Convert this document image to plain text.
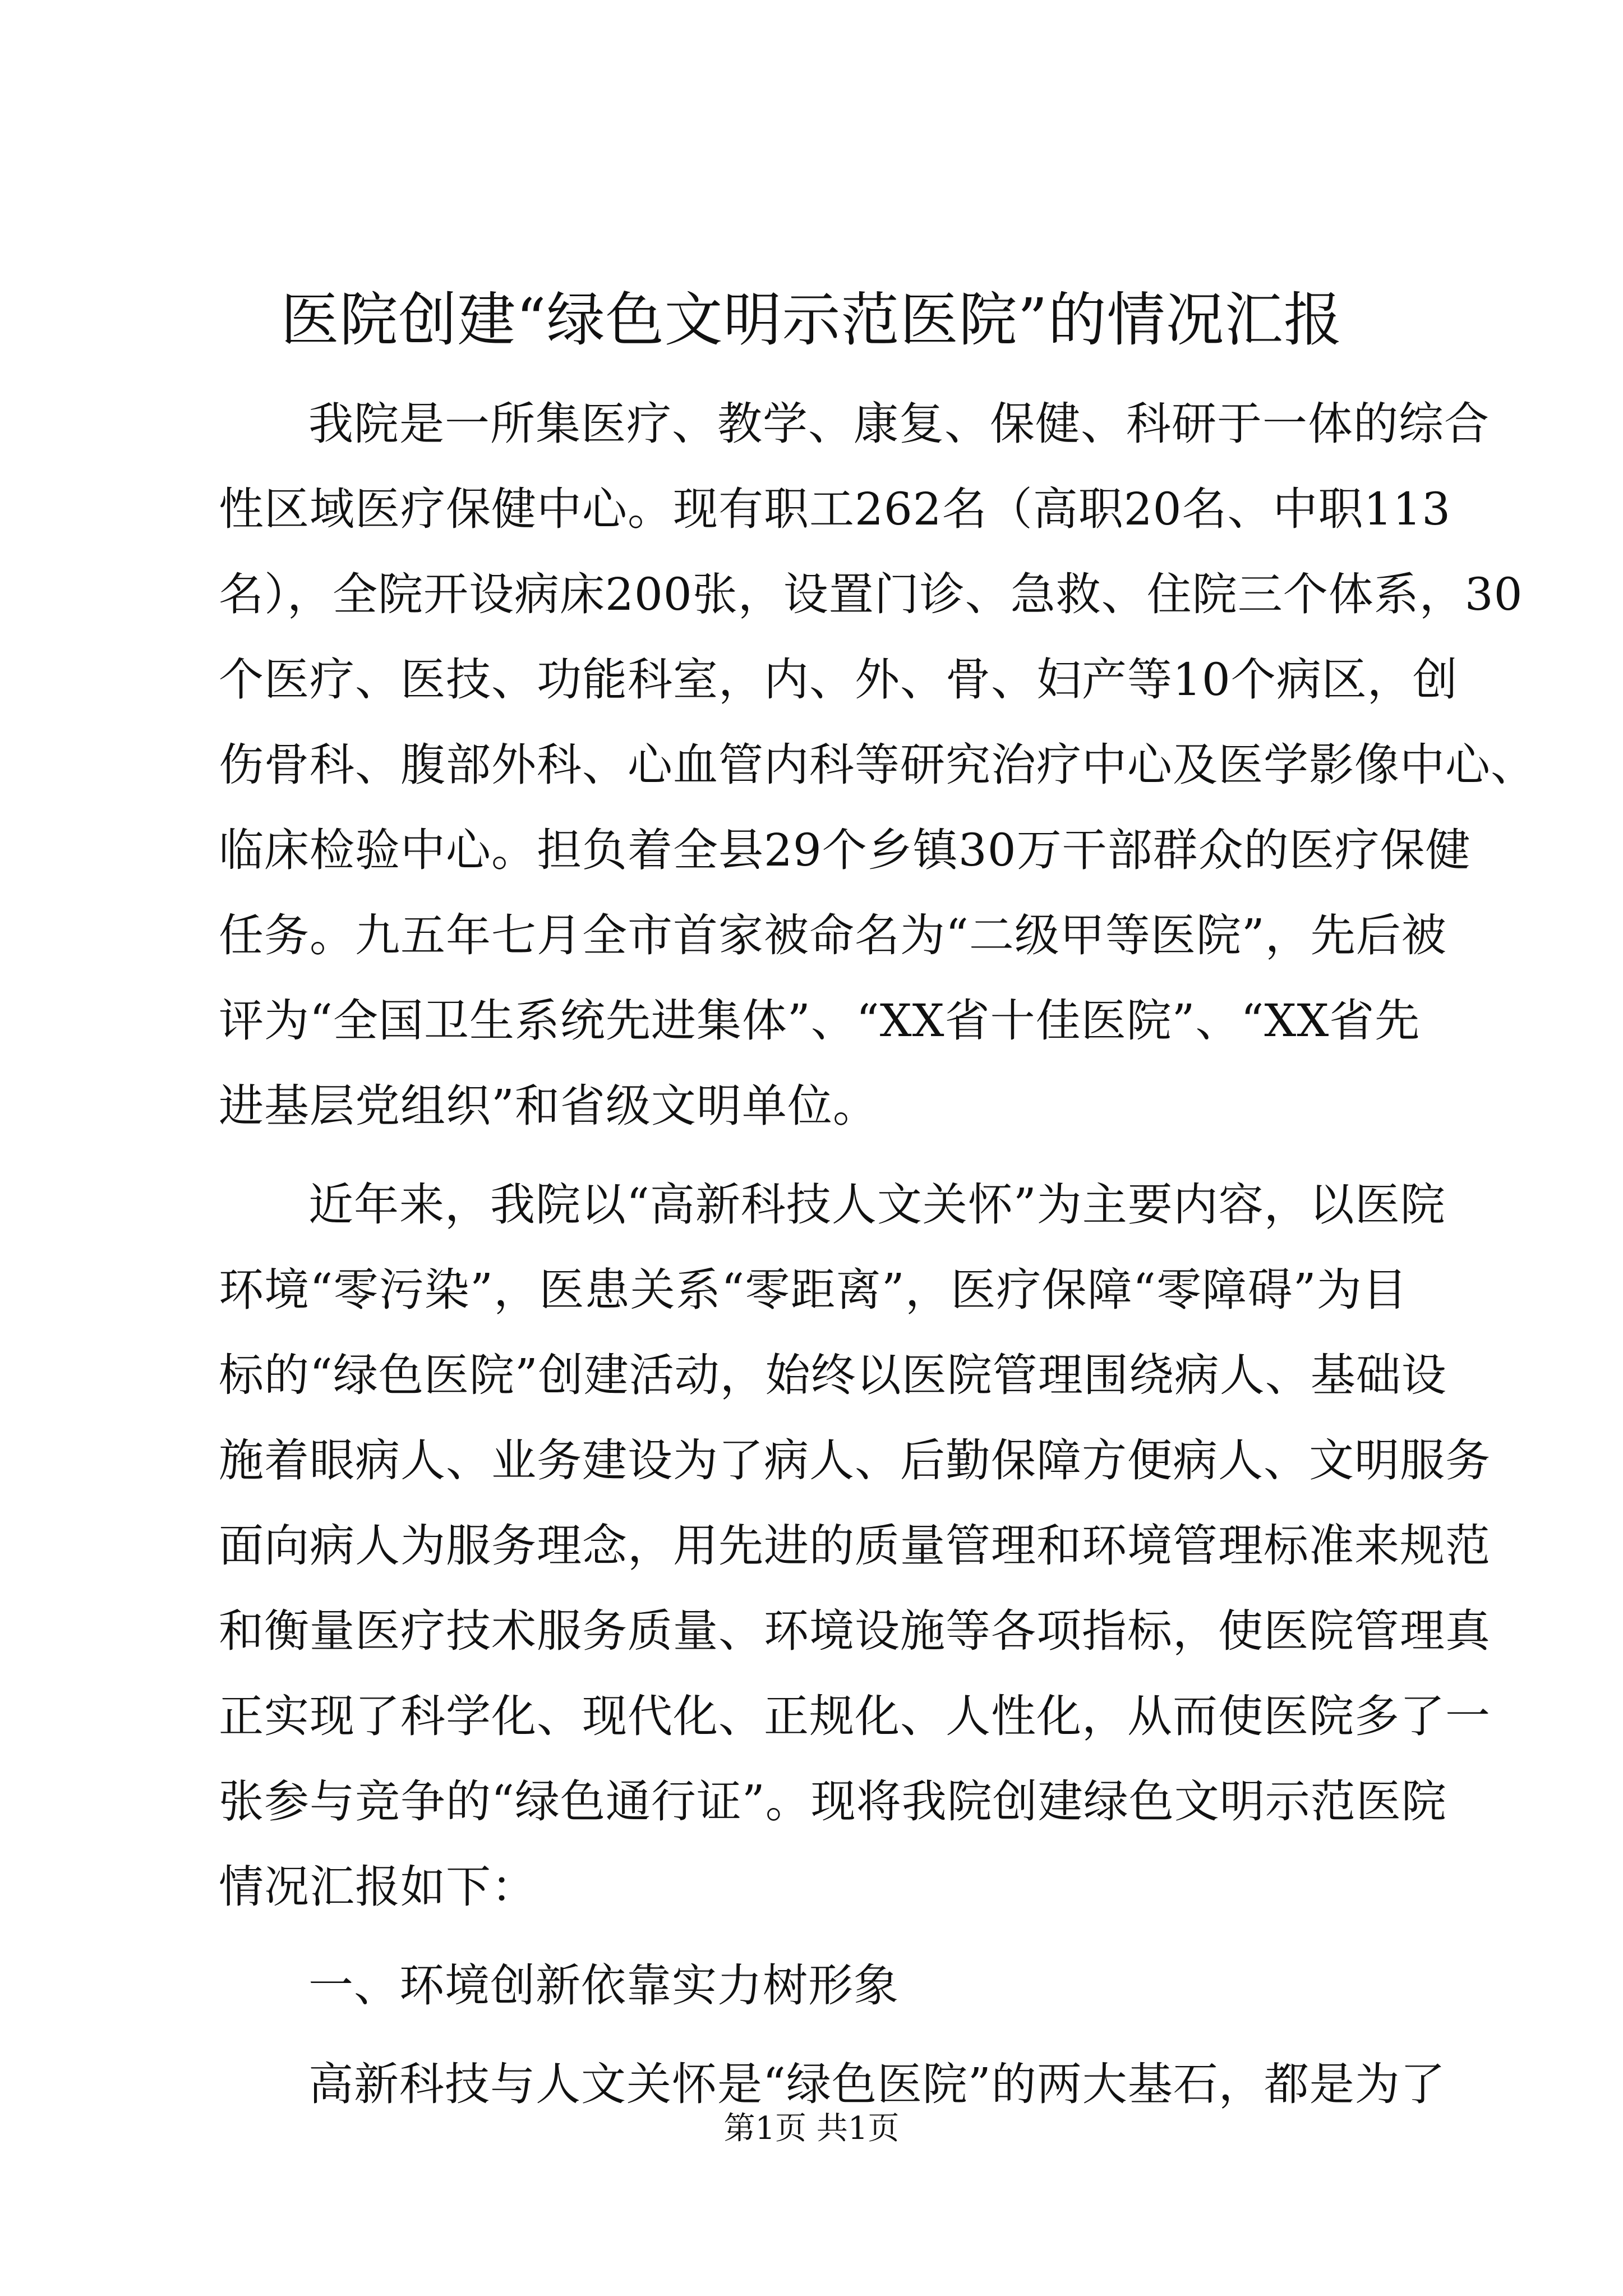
医院创建“绿色文明示范医院”的情况汇报
我院是一所集医疗、教学、康复、保健、科研于一体的综合
性区域医疗保健中心。现有职工262名（高职20名、中职113
名），全院开设病床200张，设置门诊、急救、住院三个体系，30
个医疗、医技、功能科室，内、外、骨、妇产等10个病区，创
伤骨科、腹部外科、心血管内科等研究治疗中心及医学影像中心、
临床检验中心。担负着全县29个乡镇30万干部群众的医疗保健
任务。九五年七月全市首家被命名为“二级甲等医院”，先后被
评为“全国卫生系统先进集体”、“XX省十佳医院”、“XX省先
进基层党组织”和省级文明单位。
近年来，我院以“高新科技人文关怀”为主要内容，以医院
环境“零污染”，医患关系“零距离”，医疗保障“零障碍”为目
标的“绿色医院”创建活动，始终以医院管理围绕病人、基础设
施着眼病人、业务建设为了病人、后勤保障方便病人、文明服务
面向病人为服务理念，用先进的质量管理和环境管理标准来规范
和衡量医疗技术服务质量、环境设施等各项指标，使医院管理真
正实现了科学化、现代化、正规化、人性化，从而使医院多了一
张参与竞争的“绿色通行证”。现将我院创建绿色文明示范医院
情况汇报如下：
一、环境创新依靠实力树形象
高新科技与人文关怀是“绿色医院”的两大基石，都是为了
第1页 共1页
